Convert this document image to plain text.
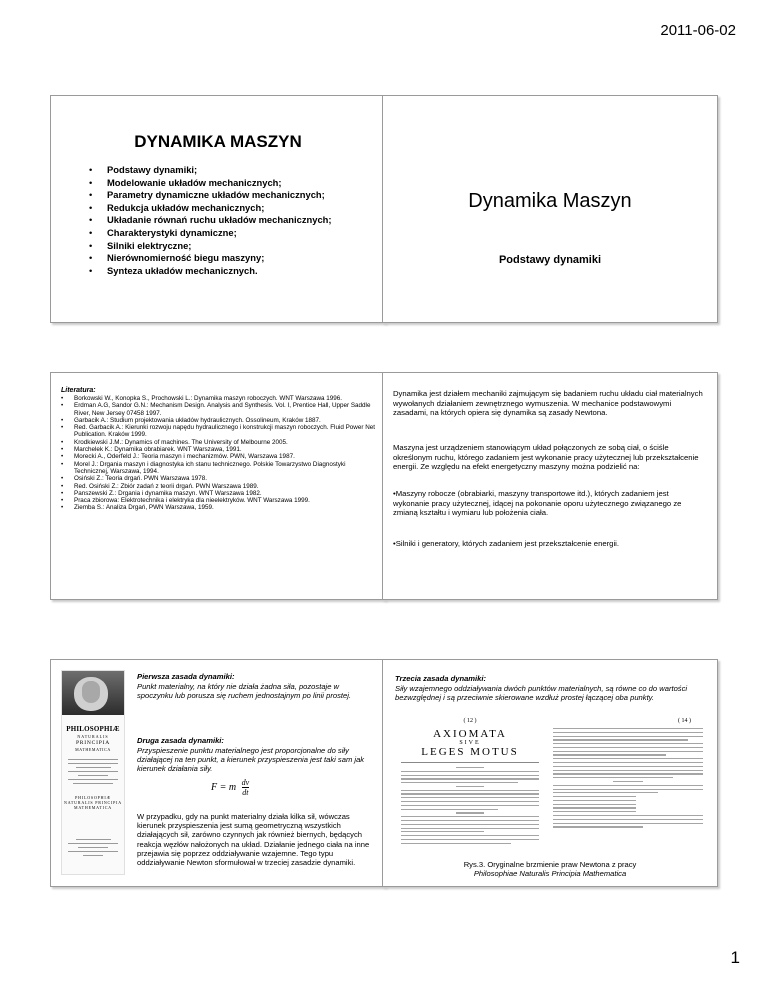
2011-06-02
DYNAMIKA MASZYN
• Podstawy dynamiki;
• Modelowanie układów mechanicznych;
• Parametry dynamiczne układów mechanicznych;
• Redukcja układów mechanicznych;
• Układanie równań ruchu układów mechanicznych;
• Charakterystyki dynamiczne;
• Silniki elektryczne;
• Nierównomierność biegu maszyny;
• Synteza układów mechanicznych.
Dynamika Maszyn
Podstawy dynamiki
Literatura:
• Borkowski W., Konopka S., Prochowski L.: Dynamika maszyn roboczych. WNT Warszawa 1996.
• Erdman A.G, Sandor G.N.: Mechanism Design. Analysis and Synthesis. Vol. I, Prentice Hall, Upper Saddle River, New Jersey 07458 1997.
• Garbacik A.: Studium projektowania układów hydraulicznych. Ossolineum, Kraków 1887.
• Red. Garbacik A.: Kierunki rozwoju napędu hydraulicznego i konstrukcji maszyn roboczych. Fluid Power Net Publication. Kraków 1999.
• Krodkiewski J.M.: Dynamics of machines. The University of Melbourne 2005.
• Marchelek K.: Dynamika obrabiarek. WNT Warszawa, 1991.
• Morecki A., Oderfeld J.: Teoria maszyn i mechanizmów. PWN, Warszawa 1987.
• Morel J.: Drgania maszyn i diagnostyka ich stanu technicznego. Polskie Towarzystwo Diagnostyki Technicznej, Warszawa, 1994.
• Osiński Z.: Teoria drgań. PWN Warszawa 1978.
• Red. Osiński Z.: Zbiór zadań z teorii drgań. PWN Warszawa 1989.
• Panszewski Z.: Drgania i dynamika maszyn. WNT Warszawa 1982.
• Praca zbiorowa: Elektrotechnika i elektryka dla nieelektryków. WNT Warszawa 1999.
• Ziemba S.: Analiza Drgań, PWN Warszawa, 1959.
Dynamika jest działem mechaniki zajmującym się badaniem ruchu układu ciał materialnych wywołanych działaniem zewnętrznego wymuszenia. W mechanice podstawowymi zasadami, na których opiera się dynamika są zasady Newtona.
Maszyna jest urządzeniem stanowiącym układ połączonych ze sobą ciał, o ściśle określonym ruchu, którego zadaniem jest wykonanie pracy użytecznej lub przekształcenie energii. Ze względu na efekt energetyczny maszyny można podzielić na:
•Maszyny robocze (obrabiarki, maszyny transportowe itd.), których zadaniem jest wykonanie pracy użytecznej, idącej na pokonanie oporu użytecznego związanego ze zmianą kształtu i wymiaru lub położenia ciała.
•Silniki i generatory, których zadaniem jest przekształcenie energii.
PHILOSOPHIÆ
NATURALIS
PRINCIPIA
MATHEMATICA
PHILOSOPHIÆ NATURALIS PRINCIPIA MATHEMATICA
Pierwsza zasada dynamiki:
Punkt materialny, na który nie działa żadna siła, pozostaje w spoczynku lub porusza się ruchem jednostajnym po linii prostej.
Druga zasada dynamiki:
Przyspieszenie punktu materialnego jest proporcjonalne do siły działającej na ten punkt, a kierunek przyspieszenia jest taki sam jak kierunek działania siły.
F = m $\frac{dv}{dt}$
W przypadku, gdy na punkt materialny działa kilka sił, wówczas kierunek przyspieszenia jest sumą geometryczną wszystkich działających sił, zarówno czynnych jak również biernych, będących reakcja węzłów nałożonych na układ. Działanie jednego ciała na inne przejawia się poprzez oddziaływanie wzajemne. Tego typu oddziaływanie Newton sformułował w trzeciej zasadzie dynamiki.
Trzecia zasada dynamiki:
Siły wzajemnego oddziaływania dwóch punktów materialnych, są równe co do wartości bezwzględnej i są przeciwnie skierowane wzdłuż prostej łączącej oba punkty.
( 12 )
AXIOMATA
SIVE
LEGES MOTUS
( 14 )
Rys.3. Oryginalne brzmienie praw Newtona z pracy
Philosophiae Naturalis Principia Mathematica
1
